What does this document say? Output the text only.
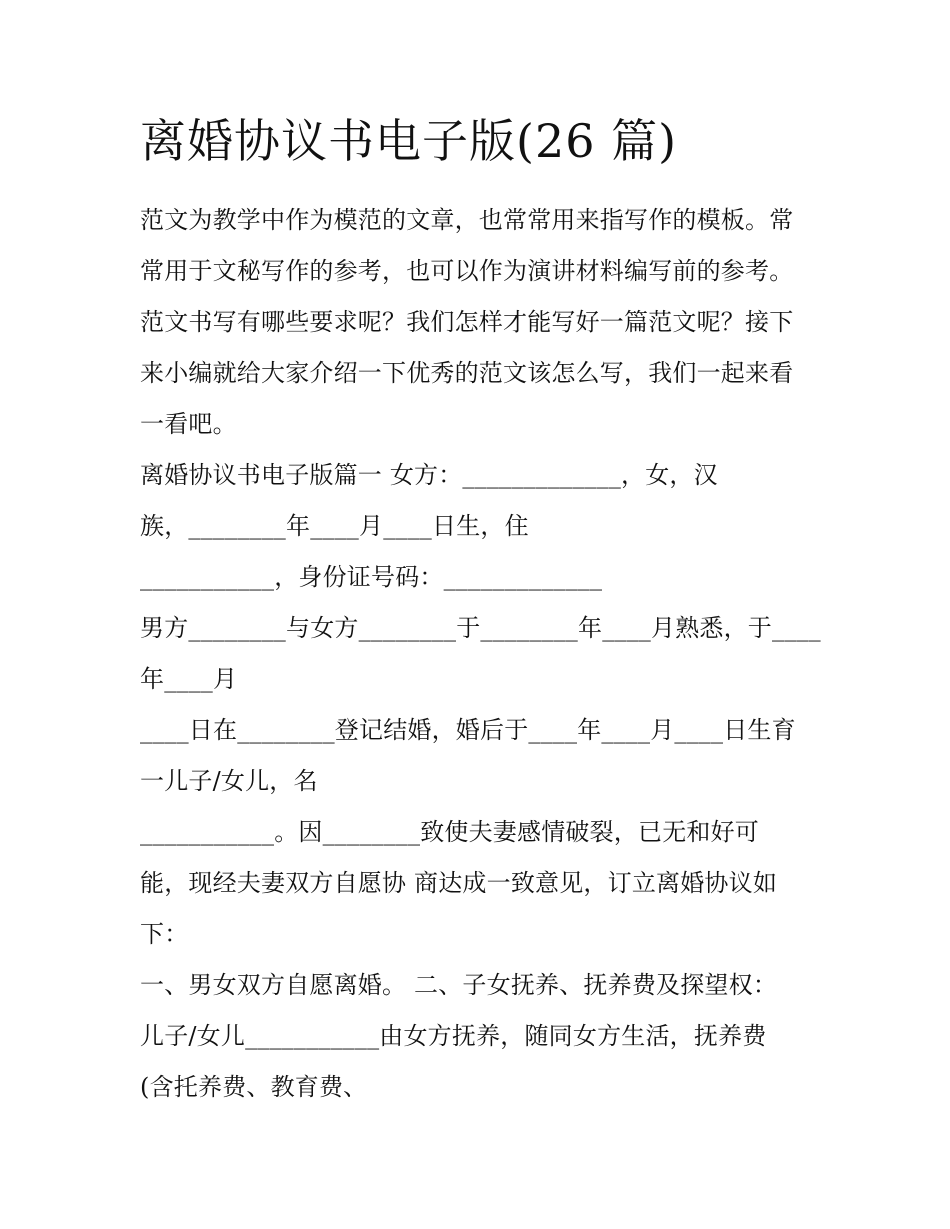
离婚协议书电子版(26 篇)

范文为教学中作为模范的文章，也常常用来指写作的模板。常

常用于文秘写作的参考，也可以作为演讲材料编写前的参考。

范文书写有哪些要求呢？我们怎样才能写好一篇范文呢？接下

来小编就给大家介绍一下优秀的范文该怎么写，我们一起来看

一看吧。

离婚协议书电子版篇一 女方：_____________，女，汉

族，________年____月____日生，住

___________，身份证号码：_____________

男方________与女方________于________年____月熟悉，于____

年____月

____日在________登记结婚，婚后于____年____月____日生育

一儿子/女儿，名

___________。因________致使夫妻感情破裂，已无和好可

能，现经夫妻双方自愿协 商达成一致意见，订立离婚协议如

下：

一、男女双方自愿离婚。 二、子女抚养、抚养费及探望权：

儿子/女儿___________由女方抚养，随同女方生活，抚养费

(含托养费、教育费、
